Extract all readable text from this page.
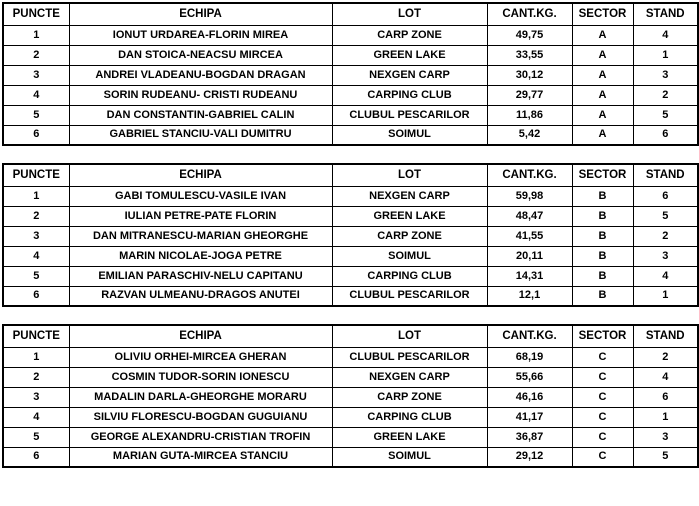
PUNCTE	ECHIPA	LOT	CANT.KG.	SECTOR	STAND
1	IONUT URDAREA-FLORIN MIREA	CARP ZONE	49,75	A	4
2	DAN STOICA-NEACSU MIRCEA	GREEN LAKE	33,55	A	1
3	ANDREI VLADEANU-BOGDAN DRAGAN	NEXGEN CARP	30,12	A	3
4	SORIN RUDEANU- CRISTI RUDEANU	CARPING CLUB	29,77	A	2
5	DAN CONSTANTIN-GABRIEL CALIN	CLUBUL PESCARILOR	11,86	A	5
6	GABRIEL STANCIU-VALI DUMITRU	SOIMUL	5,42	A	6
PUNCTE	ECHIPA	LOT	CANT.KG.	SECTOR	STAND
1	GABI TOMULESCU-VASILE IVAN	NEXGEN CARP	59,98	B	6
2	IULIAN PETRE-PATE FLORIN	GREEN LAKE	48,47	B	5
3	DAN MITRANESCU-MARIAN GHEORGHE	CARP ZONE	41,55	B	2
4	MARIN NICOLAE-JOGA PETRE	SOIMUL	20,11	B	3
5	EMILIAN PARASCHIV-NELU CAPITANU	CARPING CLUB	14,31	B	4
6	RAZVAN ULMEANU-DRAGOS ANUTEI	CLUBUL PESCARILOR	12,1	B	1
PUNCTE	ECHIPA	LOT	CANT.KG.	SECTOR	STAND
1	OLIVIU ORHEI-MIRCEA GHERAN	CLUBUL PESCARILOR	68,19	C	2
2	COSMIN TUDOR-SORIN IONESCU	NEXGEN CARP	55,66	C	4
3	MADALIN DARLA-GHEORGHE MORARU	CARP ZONE	46,16	C	6
4	SILVIU FLORESCU-BOGDAN GUGUIANU	CARPING CLUB	41,17	C	1
5	GEORGE ALEXANDRU-CRISTIAN TROFIN	GREEN LAKE	36,87	C	3
6	MARIAN GUTA-MIRCEA STANCIU	SOIMUL	29,12	C	5
